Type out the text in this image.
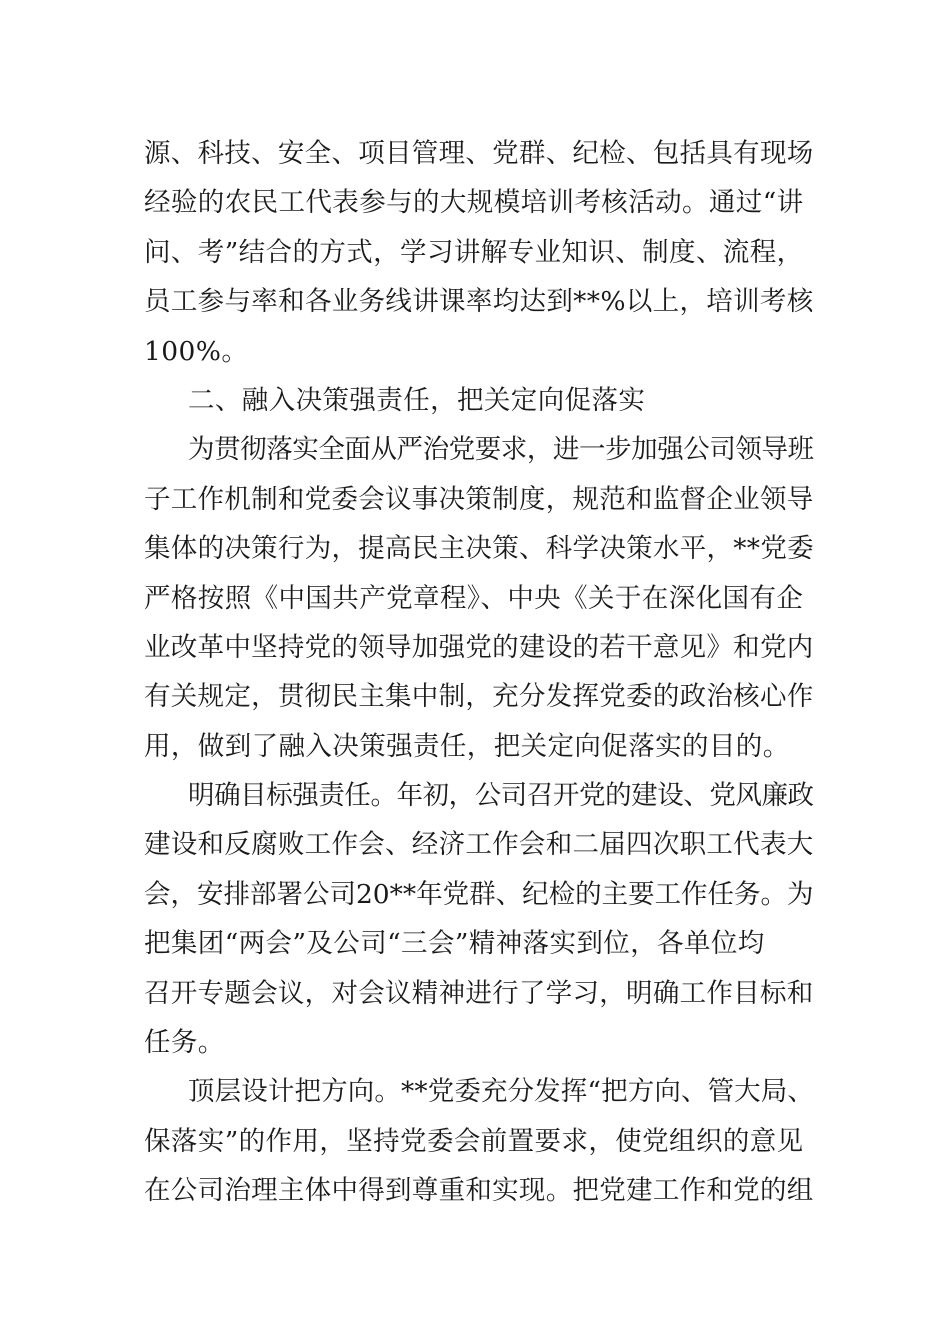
源、科技、安全、项目管理、党群、纪检、包括具有现场
经验的农民工代表参与的大规模培训考核活动。通过“讲
问、考”结合的方式，学习讲解专业知识、制度、流程，
员工参与率和各业务线讲课率均达到**%以上，培训考核
100%。
二、融入决策强责任，把关定向促落实
为贯彻落实全面从严治党要求，进一步加强公司领导班
子工作机制和党委会议事决策制度，规范和监督企业领导
集体的决策行为，提高民主决策、科学决策水平，**党委
严格按照《中国共产党章程》、中央《关于在深化国有企
业改革中坚持党的领导加强党的建设的若干意见》和党内
有关规定，贯彻民主集中制，充分发挥党委的政治核心作
用，做到了融入决策强责任，把关定向促落实的目的。
明确目标强责任。年初，公司召开党的建设、党风廉政
建设和反腐败工作会、经济工作会和二届四次职工代表大
会，安排部署公司20**年党群、纪检的主要工作任务。为
把集团“两会”及公司“三会”精神落实到位，各单位均
召开专题会议，对会议精神进行了学习，明确工作目标和
任务。
顶层设计把方向。**党委充分发挥“把方向、管大局、
保落实”的作用，坚持党委会前置要求，使党组织的意见
在公司治理主体中得到尊重和实现。把党建工作和党的组
